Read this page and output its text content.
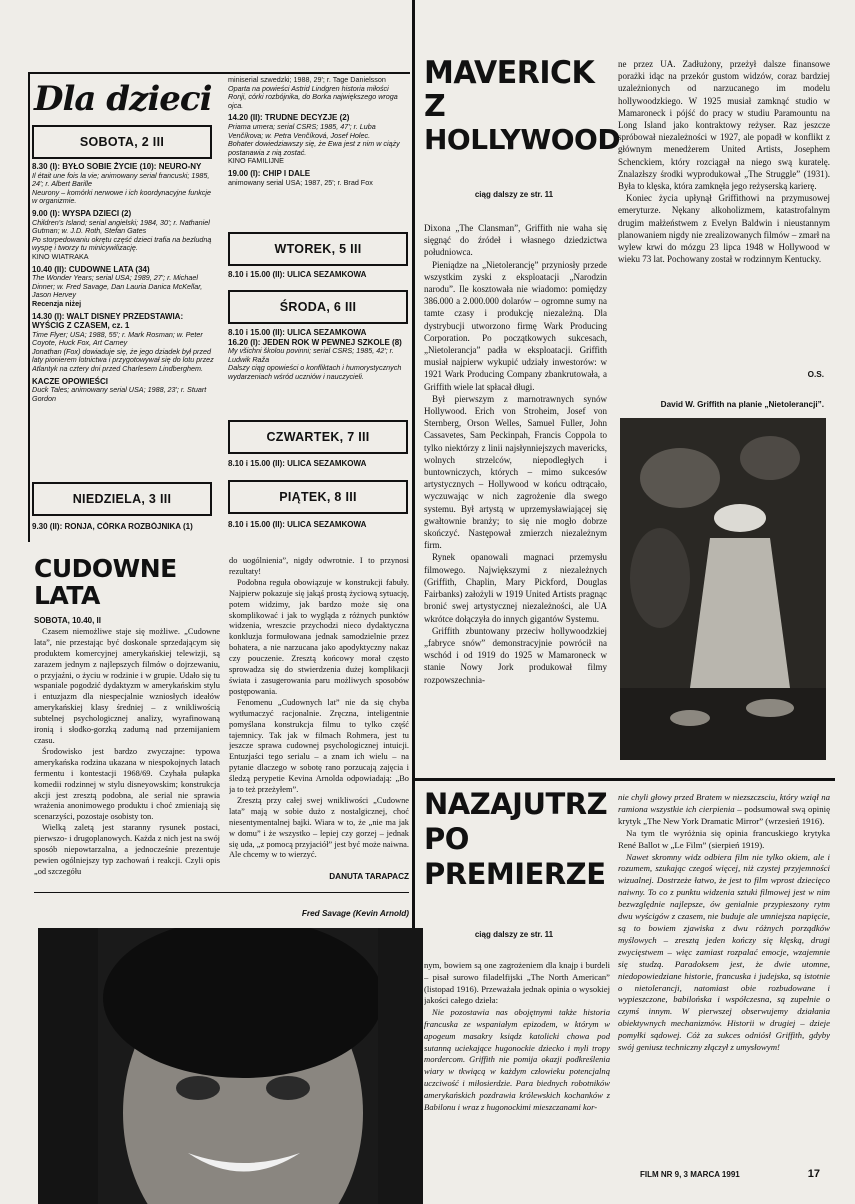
Dla dzieci
SOBOTA, 2 III
8.30 (I): BYŁO SOBIE ŻYCIE (10): NEURO-NY
Il était une fois la vie; animowany serial francuski; 1985, 24'; r. Albert Barille
Neurony – komórki nerwowe i ich koordynacyjne funkcje w organizmie.
9.00 (I): WYSPA DZIECI (2)
Children's Island; serial angielski; 1984, 30'; r. Nathaniel Gutman; w. J.D. Roth, Stefan Gates
Po storpedowaniu okrętu część dzieci trafia na bezludną wyspę i tworzy tu minicywilizację.
KINO WIATRAKA
10.40 (II): CUDOWNE LATA (34)
The Wonder Years; serial USA; 1989, 27'; r. Michael Dinner; w. Fred Savage, Dan Lauria Danica McKellar, Jason Hervey
Recenzja niżej
14.30 (I): WALT DISNEY PRZEDSTAWIA: WYŚCIG Z CZASEM, cz. 1
Time Flyer; USA; 1988, 55'; r. Mark Rosman; w. Peter Coyote, Huck Fox, Art Carney
Jonathan (Fox) dowiaduje się, że jego dziadek był przed laty pionierem lotnictwa i przygotowywał się do lotu przez Atlantyk na cztery dni przed Charlesem Lindberghem.
KACZE OPOWIEŚCI
Duck Tales; animowany serial USA; 1988, 23'; r. Stuart Gordon
NIEDZIELA, 3 III
9.30 (II): RONJA, CÓRKA ROZBÓJNIKA (1)
miniserial szwedzki; 1988, 29'; r. Tage Danielsson
Oparta na powieści Astrid Lindgren historia miłości Ronji, córki rozbójnika, do Borka największego wroga ojca.
14.20 (II): TRUDNE DECYZJE (2)
Priama umera; serial CSRS; 1985, 47'; r. Luba Venčíkova; w. Petra Venčíková, Josef Holec.
Bohater dowiedziawszy się, że Ewa jest z nim w ciąży postanawia z nią zostać.
KINO FAMILIJNE
19.00 (I): CHIP I DALE
animowany serial USA; 1987, 25'; r. Brad Fox
WTOREK, 5 III
8.10 i 15.00 (II): ULICA SEZAMKOWA
ŚRODA, 6 III
8.10 i 15.00 (II): ULICA SEZAMKOWA
16.20 (I): JEDEN ROK W PEWNEJ SZKOLE (8)
My všichni školou povinni; serial CSRS; 1985, 42'; r. Ludwik Raža
Dalszy ciąg opowieści o konfliktach i humorystycznych wydarzeniach wśród uczniów i nauczycieli.
CZWARTEK, 7 III
8.10 i 15.00 (II): ULICA SEZAMKOWA
PIĄTEK, 8 III
8.10 i 15.00 (II): ULICA SEZAMKOWA
CUDOWNE
LATA

SOBOTA, 10.40, II

Czasem niemożliwe staje się możliwe. „Cudowne lata”, nie przestając być doskonale sprzedającym się produktem komercyjnej amerykańskiej telewizji, są zarazem jednym z najlepszych filmów o dojrzewaniu, o przyjaźni, o życiu w rodzinie i w grupie. Udało się tu wspaniale pogodzić dydaktyzm w amerykańskim stylu i entuzjazm dla niespecjalnie wzniosłych ideałów amerykańskiej klasy średniej – z wnikliwością subtelnej psychologicznej analizy, wyrafinowaną ironią i słodko-gorzką zadumą nad przemijaniem czasu.

Środowisko jest bardzo zwyczajne: typowa amerykańska rodzina ukazana w niespokojnych latach fermentu i kontestacji 1968/69. Czyhała pułapka komedii rodzinnej w stylu disneyowskim; konstrukcja akcji jest zresztą podobna, ale serial nie sprawia wrażenia anonimowego produktu i choć zmieniają się scenarzyści, pozostaje osobisty ton.

Wielką zaletą jest staranny rysunek postaci, pierwszo- i drugoplanowych. Każda z nich jest na swój sposób niepowtarzalna, a jednocześnie prezentuje pewien ogólniejszy typ zachowań i reakcji. Czyli opis „od szczegółu

do uogólnienia”, nigdy odwrotnie. I to przynosi rezultaty!

Podobna reguła obowiązuje w konstrukcji fabuły. Najpierw pokazuje się jakąś prostą życiową sytuację, potem widzimy, jak bardzo może się ona skomplikować i jak to wygląda z różnych punktów widzenia, wreszcie przychodzi nieco dydaktyczna konkluzja formułowana jednak samodzielnie przez bohatera, a nie narzucana jako apodyktyczny nakaz czy pouczenie. Zresztą końcowy morał często sprowadza się do stwierdzenia dużej komplikacji świata i zasugerowania paru możliwych sposobów postępowania.

Fenomenu „Cudownych lat” nie da się chyba wytłumaczyć racjonalnie. Zręczna, inteligentnie pomyślana konstrukcja filmu to tylko część tajemnicy. Tak jak w filmach Rohmera, jest tu jeszcze sprawa cudownej psychologicznej intuicji. Entuzjaści tego serialu – a znam ich wielu – na pytanie dlaczego w sobotę rano porzucają zajęcia i śledzą perypetie Kevina Arnolda odpowiadają: „Bo ja to też przeżyłem”.

Zresztą przy całej swej wnikliwości „Cudowne lata” mają w sobie dużo z nostalgicznej, choć niesentymentalnej bajki. Wiara w to, że „nie ma jak w domu” i że wszystko – lepiej czy gorzej – jednak się uda, „z pomocą przyjaciół” jest być może naiwna. Ale chcemy w to wierzyć.

DANUTA TARAPACZ
Fred Savage (Kevin Arnold)
MAVERICK
Z
HOLLYWOOD
ciąg dalszy ze str. 11

Dixona „The Clansman”, Griffith nie waha się sięgnąć do źródeł i własnego dziedzictwa południowca.

Pieniądze na „Nietolerancję” przyniosły przede wszystkim zyski z eksploatacji „Narodzin narodu”. Ile kosztowała nie wiadomo: pomiędzy 386.000 a 2.000.000 dolarów – ogromne sumy na tamte czasy i produkcję niezależną. Dla dystrybucji utworzono firmę Wark Producing Corporation. Po początkowych sukcesach, „Nietolerancja” padła w eksploatacji. Griffith musiał najpierw wykupić udziały inwestorów: w 1921 Wark Producing Company zbankrutowała, a Griffith wiele lat spłacał długi.

Był pierwszym z marnotrawnych synów Hollywood. Erich von Stroheim, Josef von Sternberg, Orson Welles, Samuel Fuller, John Cassavetes, Sam Peckinpah, Francis Coppola to tylko niektórzy z linii najsłynniejszych mavericks, wolnych strzelców, niepodległych i buntowniczych, których – mimo sukcesów artystycznych – Hollywood w końcu odtrącało, wyczuwając w nich zagrożenie dla swego systemu. Był artystą w uprzemysławiającej się gwałtownie branży; to się nie mogło dobrze skończyć. Następował zmierzch niezależnym firm.

Rynek opanowali magnaci przemysłu filmowego. Największymi z niezależnych (Griffith, Chaplin, Mary Pickford, Douglas Fairbanks) założyli w 1919 United Artists pragnąc bronić swej artystycznej niezależności, ale UA wkrótce dołączyła do innych gigantów Systemu.

Griffith zbuntowany przeciw hollywoodzkiej „fabryce snów” demonstracyjnie powrócił na wschód i od 1919 do 1925 w Mamaroneck w stanie Nowy Jork produkował filmy rozpowszechnia-

ne przez UA. Zadłużony, przeżył dalsze finansowe porażki idąc na przekór gustom widzów, coraz bardziej uzależnionych od narzucanego im modelu hollywoodzkiego. W 1925 musiał zamknąć studio w Mamaroneck i pójść do pracy w studiu Paramountu na Long Island jako kontraktowy reżyser. Raz jeszcze spróbował niezależności w 1927, ale popadł w konflikt z głównym menedżerem United Artists, Josephem Schenckiem, który rozciągał na niego swą kuratelę. Znalazłszy środki wyprodukował „The Struggle” (1931). Była to klęska, która zamknęła jego reżyserską karierę.

Koniec życia upłynął Griffithowi na przymusowej emeryturze. Nękany alkoholizmem, katastrofalnym drugim małżeństwem z Evelyn Baldwin i nieustannym planowaniem nigdy nie zrealizowanych filmów – zmarł na wylew krwi do mózgu 23 lipca 1948 w Hollywood w wieku 73 lat. Pochowany został w rodzinnym Kentucky.

O.S.
David W. Griffith na planie „Nietolerancji”.
NAZAJUTRZ
PO
PREMIERZE
ciąg dalszy ze str. 11

nym, bowiem są one zagrożeniem dla knajp i burdeli – pisał surowo filadelfijski „The North American” (listopad 1916). Przeważała jednak opinia o wysokiej jakości całego dzieła:

Nie pozostawia nas obojętnymi także historia francuska ze wspaniałym epizodem, w którym w apogeum masakry ksiądz katolicki chowa pod sutanną uciekające hugonockie dziecko i myli tropy mordercom. Griffith nie pomija okazji podkreślenia wiary w tkwiącą w każdym człowieku potencjalną uczciwość i miłosierdzie. Para biednych robotników amerykańskich pozdrawia królewskich kochanków z Babilonu i wraz z hugonockimi mieszczanami kor-

nie chyli głowy przed Bratem w niezszczsciu, który wziął na ramiona wszystkie ich cierpienia – podsumował swą opinię krytyk „The New York Dramatic Mirror” (wrzesień 1916).

Na tym tle wyróżnia się opinia francuskiego krytyka René Ballot w „Le Film” (sierpień 1919).

Nawet skromny widz odbiera film nie tylko okiem, ale i rozumem, szukając czegoś więcej, niż czystej przyjemności wizualnej. Dostrzeże łatwo, że jest to film wprost dziecięco naiwny. To co z punktu widzenia sztuki filmowej jest w nim bezwzględnie najlepsze, ów genialnie przypieszony rytm dwu wyścigów z czasem, nie buduje ale umniejsza napięcie, są to bowiem zjawiska z dwu różnych porządków myślowych – zresztą jeden kończy się klęską, drugi zwycięstwem – więc zamiast rozpalać emocje, wzajemnie się studzą. Paradoksem jest, że dwie utomne, niedopowiedziane historie, francuska i judejska, są istotnie o nietolerancji, natomiast obie rozbudowane i wypieszczone, babilońska i współczesna, są zupełnie o czymś innym. W pierwszej obserwujemy działania obiektywnych mechanizmów. Historii w drugiej – dzieje pomyłki sądowej. Cóż za sukces odniósł Griffith, gdyby swój geniusz techniczny złączył z umysłowym!

FILM NR 9, 3 MARCA 1991	17
